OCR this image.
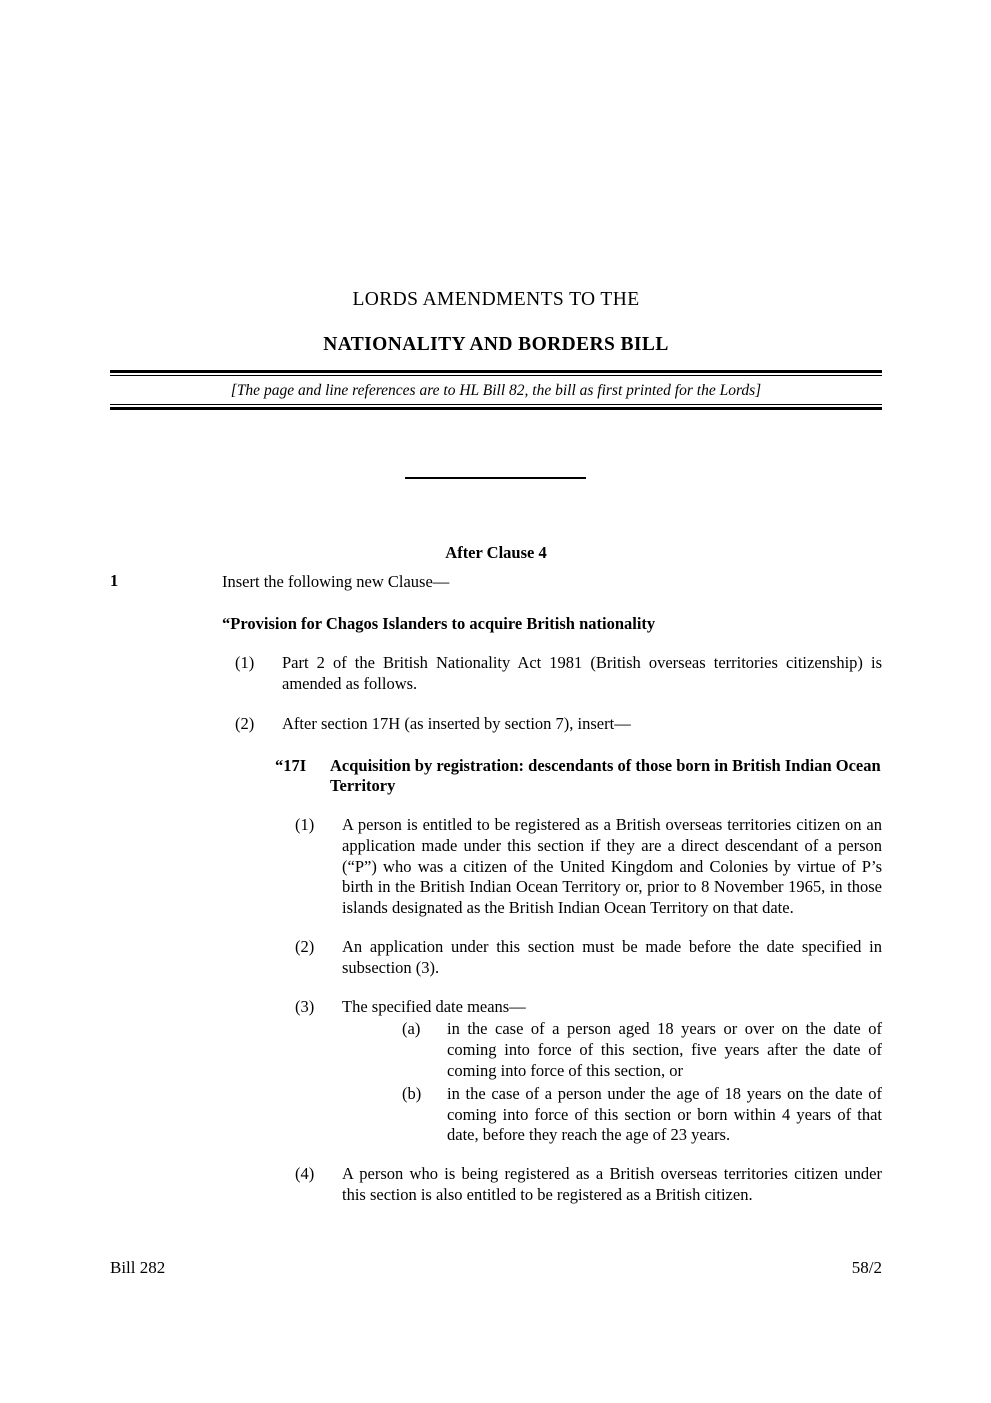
LORDS AMENDMENTS TO THE
NATIONALITY AND BORDERS BILL
[The page and line references are to HL Bill 82, the bill as first printed for the Lords]
After Clause 4
1	Insert the following new Clause—
“Provision for Chagos Islanders to acquire British nationality
(1) Part 2 of the British Nationality Act 1981 (British overseas territories citizenship) is amended as follows.
(2) After section 17H (as inserted by section 7), insert—
“17I Acquisition by registration: descendants of those born in British Indian Ocean Territory
(1) A person is entitled to be registered as a British overseas territories citizen on an application made under this section if they are a direct descendant of a person (“P”) who was a citizen of the United Kingdom and Colonies by virtue of P’s birth in the British Indian Ocean Territory or, prior to 8 November 1965, in those islands designated as the British Indian Ocean Territory on that date.
(2) An application under this section must be made before the date specified in subsection (3).
(3) The specified date means—
(a) in the case of a person aged 18 years or over on the date of coming into force of this section, five years after the date of coming into force of this section, or
(b) in the case of a person under the age of 18 years on the date of coming into force of this section or born within 4 years of that date, before they reach the age of 23 years.
(4) A person who is being registered as a British overseas territories citizen under this section is also entitled to be registered as a British citizen.
Bill 282	58/2
